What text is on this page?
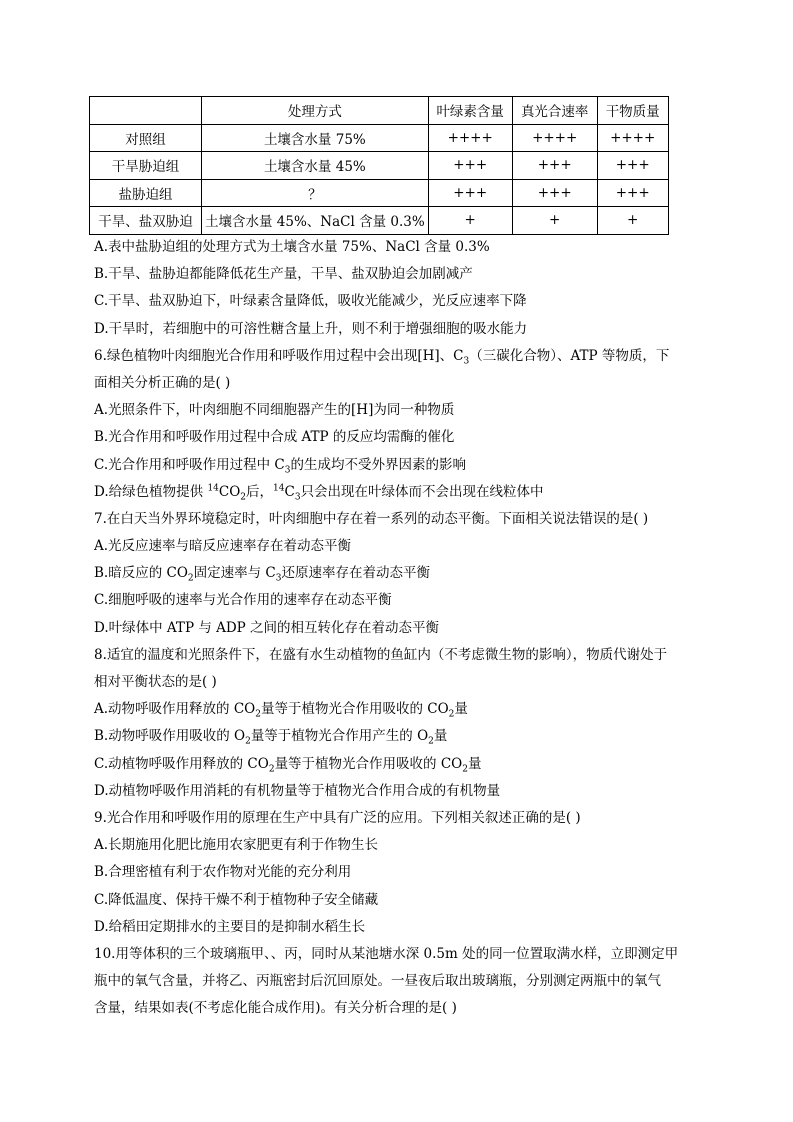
	处理方式	叶绿素含量	真光合速率	干物质量
对照组	土壤含水量 75%	++++	++++	++++
干旱胁迫组	土壤含水量 45%	+++	+++	+++
盐胁迫组	？	+++	+++	+++
干旱、盐双胁迫	土壤含水量 45%、NaCl 含量 0.3%	+	+	+
A.表中盐胁迫组的处理方式为土壤含水量 75%、NaCl 含量 0.3%
B.干旱、盐胁迫都能降低花生产量，干旱、盐双胁迫会加剧减产
C.干旱、盐双胁迫下，叶绿素含量降低，吸收光能减少，光反应速率下降
D.干旱时，若细胞中的可溶性糖含量上升，则不利于增强细胞的吸水能力
6.绿色植物叶肉细胞光合作用和呼吸作用过程中会出现[H]、$C_3$（三碳化合物）、ATP 等物质，下
面相关分析正确的是( )
A.光照条件下，叶肉细胞不同细胞器产生的[H]为同一种物质
B.光合作用和呼吸作用过程中合成 ATP 的反应均需酶的催化
C.光合作用和呼吸作用过程中 $C_3$的生成均不受外界因素的影响
D.给绿色植物提供 $^{14}CO_2$后，$^{14}C_3$只会出现在叶绿体而不会出现在线粒体中
7.在白天当外界环境稳定时，叶肉细胞中存在着一系列的动态平衡。下面相关说法错误的是( )
A.光反应速率与暗反应速率存在着动态平衡
B.暗反应的 $CO_2$固定速率与 $C_3$还原速率存在着动态平衡
C.细胞呼吸的速率与光合作用的速率存在动态平衡
D.叶绿体中 ATP 与 ADP 之间的相互转化存在着动态平衡
8.适宜的温度和光照条件下，在盛有水生动植物的鱼缸内（不考虑微生物的影响），物质代谢处于
相对平衡状态的是( )
A.动物呼吸作用释放的 $CO_2$量等于植物光合作用吸收的 $CO_2$量
B.动物呼吸作用吸收的 $O_2$量等于植物光合作用产生的 $O_2$量
C.动植物呼吸作用释放的 $CO_2$量等于植物光合作用吸收的 $CO_2$量
D.动植物呼吸作用消耗的有机物量等于植物光合作用合成的有机物量
9.光合作用和呼吸作用的原理在生产中具有广泛的应用。下列相关叙述正确的是( )
A.长期施用化肥比施用农家肥更有利于作物生长
B.合理密植有利于农作物对光能的充分利用
C.降低温度、保持干燥不利于植物种子安全储藏
D.给稻田定期排水的主要目的是抑制水稻生长
10.用等体积的三个玻璃瓶甲、、丙，同时从某池塘水深 0.5m 处的同一位置取满水样，立即测定甲
瓶中的氧气含量，并将乙、丙瓶密封后沉回原处。一昼夜后取出玻璃瓶，分别测定两瓶中的氧气
含量，结果如表(不考虑化能合成作用)。有关分析合理的是( )
